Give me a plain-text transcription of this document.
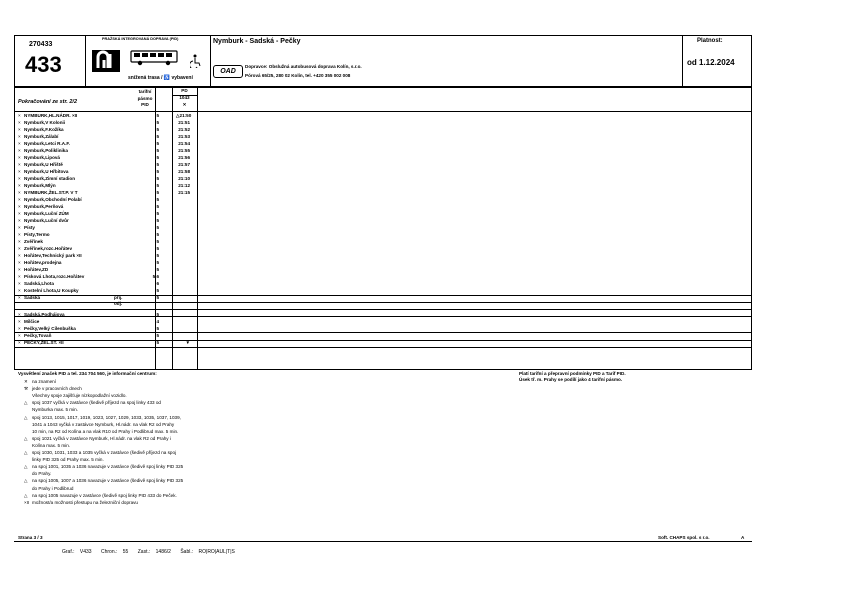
270433
433
PRAŽSKÁ INTEGROVANÁ DOPRAVA (PID)
snížená trasa / ♿ vybavení
Nymburk - Sadská - Pečky
OAD
Dopravce: Obslužná autobusová doprava Kolín, s.r.o.
Pórová 65/25, 280 02 Kolín, tel. +420 355 002 008
Platnost:
od 1.12.2024
Pokračování ze str. 2/2
tarifní pásmo PID
PD
1043
✕
× NYMBURK,HL.NÁDR. ×II	5	△21:50
× Nymburk,V Kolonii	5	21:51
× Nymburk,F.Kožíka	5	21:52
× Nymburk,Zálabí	5	21:53
× Nymburk,Letci R.A.F.	5	21:54
× Nymburk,Poliklinika	5	21:55
× Nymburk,Lipová	5	21:56
× Nymburk,U Hřiště	5	21:57
× Nymburk,U Hřbitova	5	21:58
× Nymburk,Zimní stadion	5	21:10
× Nymburk,Mlýn	5	21:12
× NYMBURK,ŽEL.ST.P. V T	5	21:15
× Nymburk,Obchodní Polabí	5
× Nymburk,Perňová	5
× Nymburk,Luční ZÚM	5
× Nymburk,Luční dvůr	5
× Písty	5
× Písty,Termo	5
× Zvěřínek	5
× Zvěřínek,rozc.Hořátev	5
× Hořátev,Technický park ×II	5
× Hořátev,prodejna	5
× Hořátev,ZD	5
× Písková Lhota,rozc.Hořátev	5,6
× Sadská,Lhota	6
× Kostelní Lhota,U Koupky	5
× Sadská	5
příj.
odj.
× Sadská,Podhájova	5
× Milčice	4
× Pečky,Velký Cilenbuška	5
× Pečky,Tovaň	5
× PEČKY,ŽEL.ST. ×II	5	▼
Vysvětlení značek PID a tel. 234 704 560, je informační centrum:
✕ na znamení
⚒ jede v pracovních dnech
Všechny spoje zajišťuje nízkopodlažní vozidlo.
△ spoj 1037 vyčká v zastávce (šedivě příjezd na spoj linky 433 od
Nymburka max. 5 min.
△ spoj 1013, 1015, 1017, 1019, 1023, 1027, 1029, 1033, 1035, 1037, 1039,
1041 a 1043 vyčká v zastávce Nymburk, Hl.nádr. na vlak R2 od Prahy
10 min, na R2 od Kolína a na vlak R10 od Prahy i Podlibrud max. 5 min.
△ spoj 1021 vyčká v zastávce Nymburk, Hl.nádr. na vlak R2 od Prahy i
Kolína max. 5 min.
△ spoj 1030, 1031, 1033 a 1035 vyčká v zastávce (šedivě příjezd na spoj
linky PID 325 od Prahy max. 5 min.
△ na spoj 1001, 1035 a 1036 navazuje v zastávce (šedivě spoj linky PID 325
do Prahy.
△ na spoj 1005, 1007 a 1036 navazuje v zastávce (šedivě spoj linky PID 325
do Prahy i Podlibrud
△ na spoj 1005 navazuje v zastávce (šedivě spoj linky PID 433 do Peček.
×II možnost/a možnosti přestupu na železniční dopravu
Platí tarifní a přepravní podmínky PID a Tarif PID.
Úsek tř. m. Prahy se podílí jako 4 tarifní pásmo.
Strana 3 / 3	Soft. CHAPS spol. s r.o.	A
Graf.: V433 Chron.: 55 Zast.: 1486/2 Šabl.: RO|RO|AUL|T|S
